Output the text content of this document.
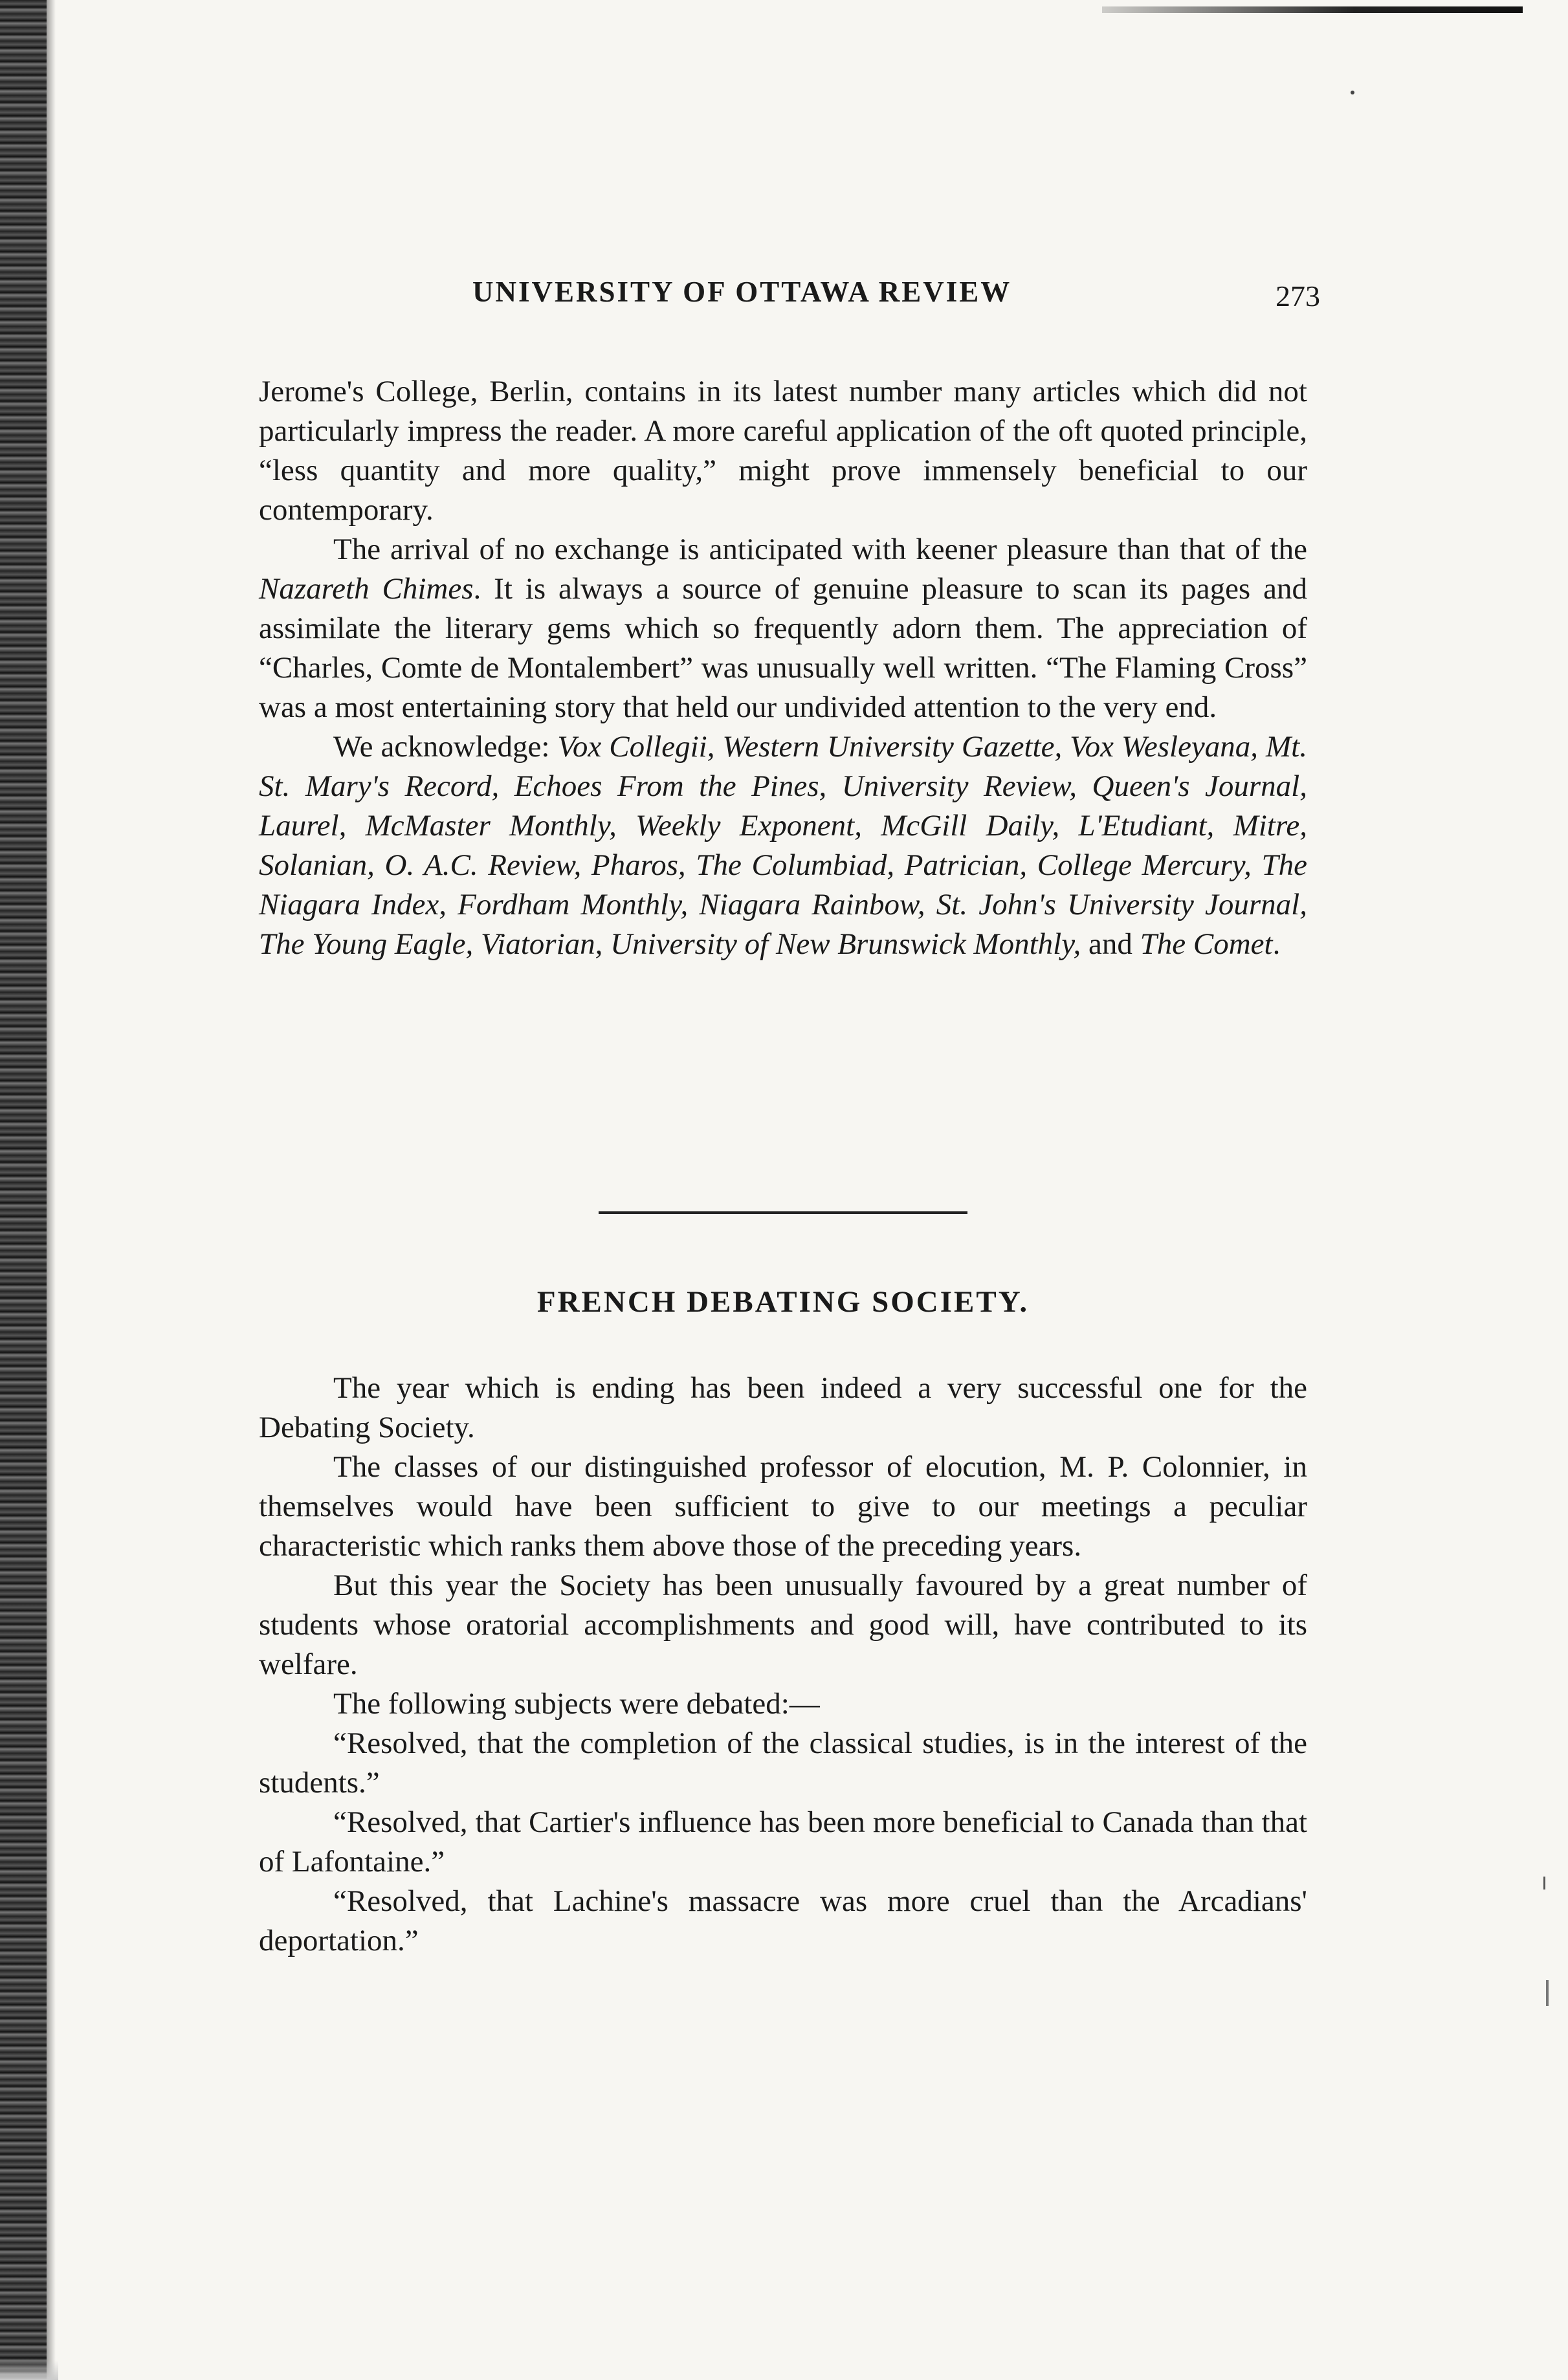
UNIVERSITY OF OTTAWA REVIEW	273

Jerome's College, Berlin, contains in its latest number many articles which did not particularly impress the reader. A more careful application of the oft quoted principle, “less quantity and more quality,” might prove immensely beneficial to our contemporary.

The arrival of no exchange is anticipated with keener pleasure than that of the Nazareth Chimes. It is always a source of genuine pleasure to scan its pages and assimilate the literary gems which so frequently adorn them. The appreciation of “Charles, Comte de Montalembert” was unusually well written. “The Flaming Cross” was a most entertaining story that held our undivided attention to the very end.

We acknowledge: Vox Collegii, Western University Gazette, Vox Wesleyana, Mt. St. Mary's Record, Echoes From the Pines, University Review, Queen's Journal, Laurel, McMaster Monthly, Weekly Exponent, McGill Daily, L'Etudiant, Mitre, Solanian, O. A.C. Review, Pharos, The Columbiad, Patrician, College Mercury, The Niagara Index, Fordham Monthly, Niagara Rainbow, St. John's University Journal, The Young Eagle, Viatorian, University of New Brunswick Monthly, and The Comet.

FRENCH DEBATING SOCIETY.

The year which is ending has been indeed a very successful one for the Debating Society.

The classes of our distinguished professor of elocution, M. P. Colonnier, in themselves would have been sufficient to give to our meetings a peculiar characteristic which ranks them above those of the preceding years.

But this year the Society has been unusually favoured by a great number of students whose oratorial accomplishments and good will, have contributed to its welfare.

The following subjects were debated:—

“Resolved, that the completion of the classical studies, is in the interest of the students.”

“Resolved, that Cartier's influence has been more beneficial to Canada than that of Lafontaine.”

“Resolved, that Lachine's massacre was more cruel than the Arcadians' deportation.”
